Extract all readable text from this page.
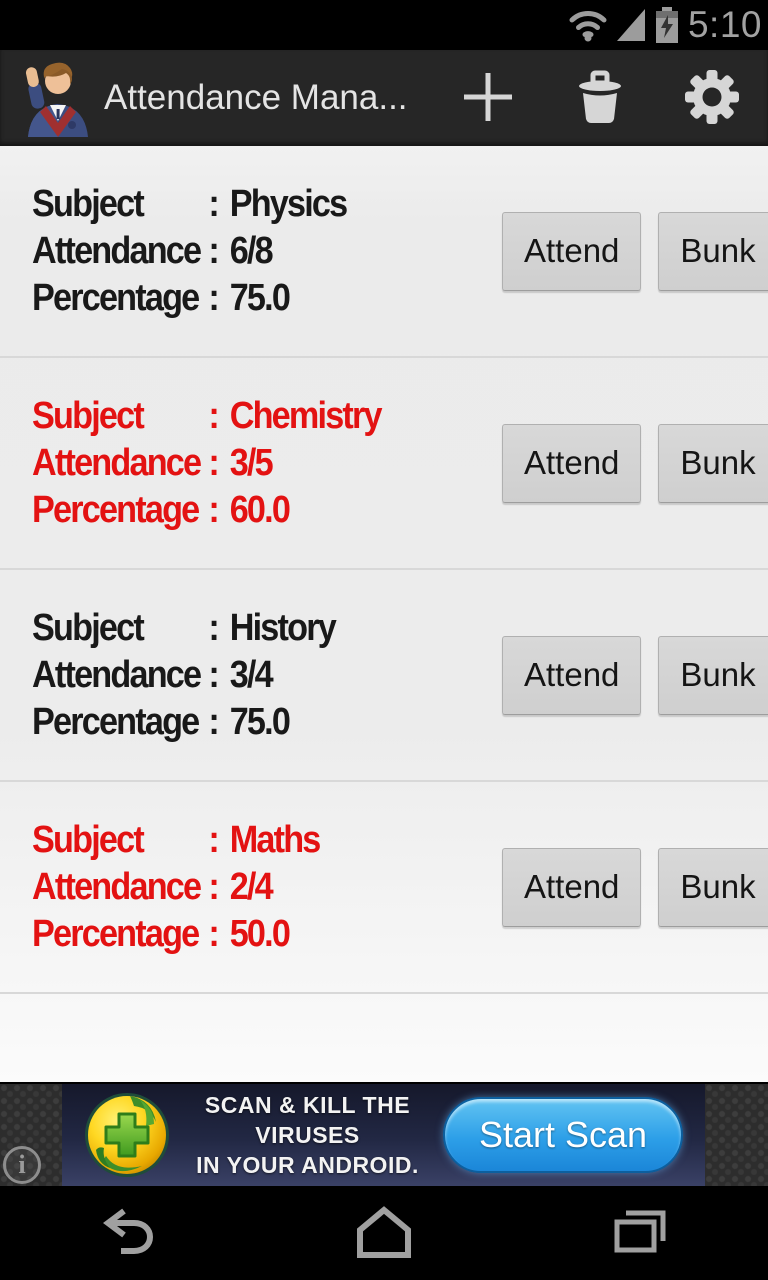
5:10
Attendance Mana...
Subject	: Physics
Attendance : 6/8
Percentage : 75.0
Attend	Bunk
Subject	: Chemistry
Attendance : 3/5
Percentage : 60.0
Attend	Bunk
Subject	: History
Attendance : 3/4
Percentage : 75.0
Attend	Bunk
Subject	: Maths
Attendance : 2/4
Percentage : 50.0
Attend	Bunk
i
SCAN & KILL THE VIRUSES
IN YOUR ANDROID.
Start Scan
